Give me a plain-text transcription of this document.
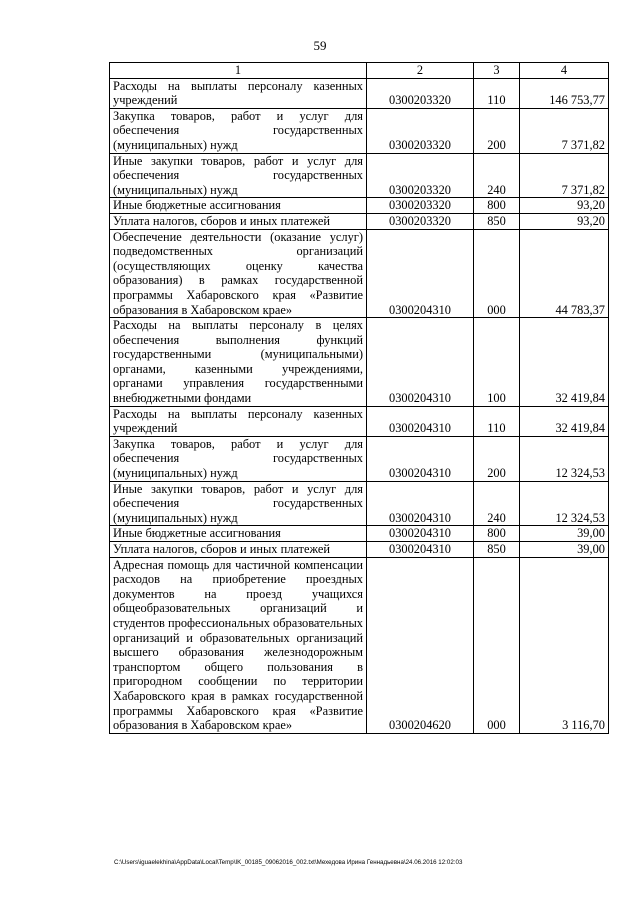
59
1	2	3	4
Расходы на выплаты персоналу казенных учреждений	0300203320	110	146 753,77
Закупка товаров, работ и услуг для обеспечения государственных (муниципальных) нужд	0300203320	200	7 371,82
Иные закупки товаров, работ и услуг для обеспечения государственных (муниципальных) нужд	0300203320	240	7 371,82
Иные бюджетные ассигнования	0300203320	800	93,20
Уплата налогов, сборов и иных платежей	0300203320	850	93,20
Обеспечение деятельности (оказание услуг) подведомственных организаций (осуществляющих оценку качества образования) в рамках государственной программы Хабаровского края «Развитие образования в Хабаровском крае»	0300204310	000	44 783,37
Расходы на выплаты персоналу в целях обеспечения выполнения функций государственными (муниципальными) органами, казенными учреждениями, органами управления государственными внебюджетными фондами	0300204310	100	32 419,84
Расходы на выплаты персоналу казенных учреждений	0300204310	110	32 419,84
Закупка товаров, работ и услуг для обеспечения государственных (муниципальных) нужд	0300204310	200	12 324,53
Иные закупки товаров, работ и услуг для обеспечения государственных (муниципальных) нужд	0300204310	240	12 324,53
Иные бюджетные ассигнования	0300204310	800	39,00
Уплата налогов, сборов и иных платежей	0300204310	850	39,00
Адресная помощь для частичной компенсации расходов на приобретение проездных документов на проезд учащихся общеобразовательных организаций и студентов профессиональных образовательных организаций и образовательных организаций высшего образования железнодорожным транспортом общего пользования в пригородном сообщении по территории Хабаровского края в рамках государственной программы Хабаровского края «Развитие образования в Хабаровском крае»	0300204620	000	3 116,70
C:\Users\iguaelekhina\AppData\Local\Temp\IK_00185_09062016_002.txt\Мехедова Ирина Геннадьевна\24.06.2016 12:02:03
